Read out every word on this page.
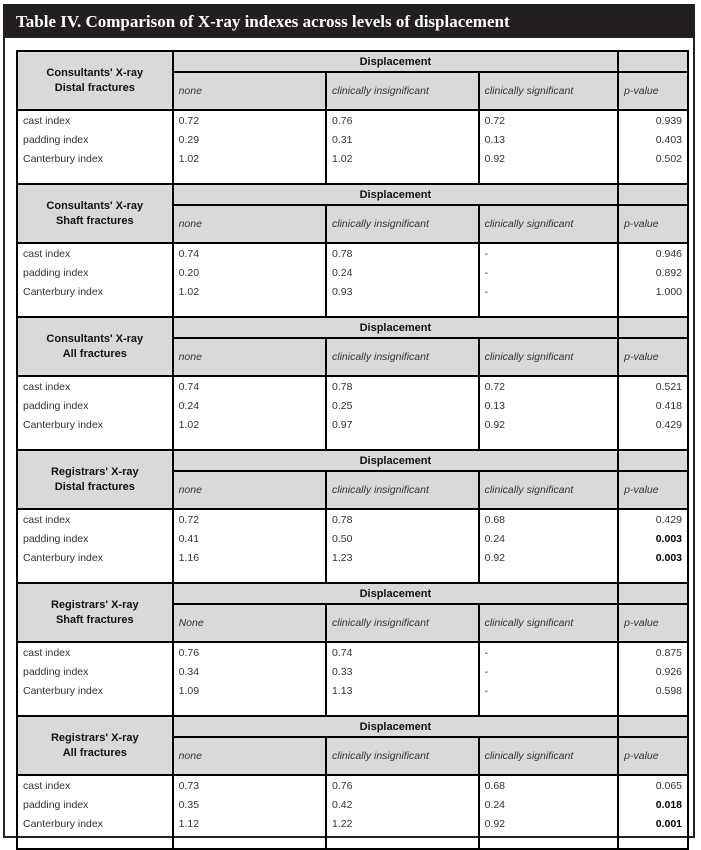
Table IV. Comparison of X-ray indexes across levels of displacement
Consultants' X-ray
Distal fractures	Displacement			
	none	clinically insignificant	clinically significant	p-value
cast index	0.72	0.76	0.72	0.939
padding index	0.29	0.31	0.13	0.403
Canterbury index	1.02	1.02	0.92	0.502

Consultants' X-ray
Shaft fractures	Displacement			
	none	clinically insignificant	clinically significant	p-value
cast index	0.74	0.78	-	0.946
padding index	0.20	0.24	-	0.892
Canterbury index	1.02	0.93	-	1.000

Consultants' X-ray
All fractures	Displacement			
	none	clinically insignificant	clinically significant	p-value
cast index	0.74	0.78	0.72	0.521
padding index	0.24	0.25	0.13	0.418
Canterbury index	1.02	0.97	0.92	0.429

Registrars' X-ray
Distal fractures	Displacement			
	none	clinically insignificant	clinically significant	p-value
cast index	0.72	0.78	0.68	0.429
padding index	0.41	0.50	0.24	0.003
Canterbury index	1.16	1.23	0.92	0.003

Registrars' X-ray
Shaft fractures	Displacement			
	None	clinically insignificant	clinically significant	p-value
cast index	0.76	0.74	-	0.875
padding index	0.34	0.33	-	0.926
Canterbury index	1.09	1.13	-	0.598

Registrars' X-ray
All fractures	Displacement			
	none	clinically insignificant	clinically significant	p-value
cast index	0.73	0.76	0.68	0.065
padding index	0.35	0.42	0.24	0.018
Canterbury index	1.12	1.22	0.92	0.001
